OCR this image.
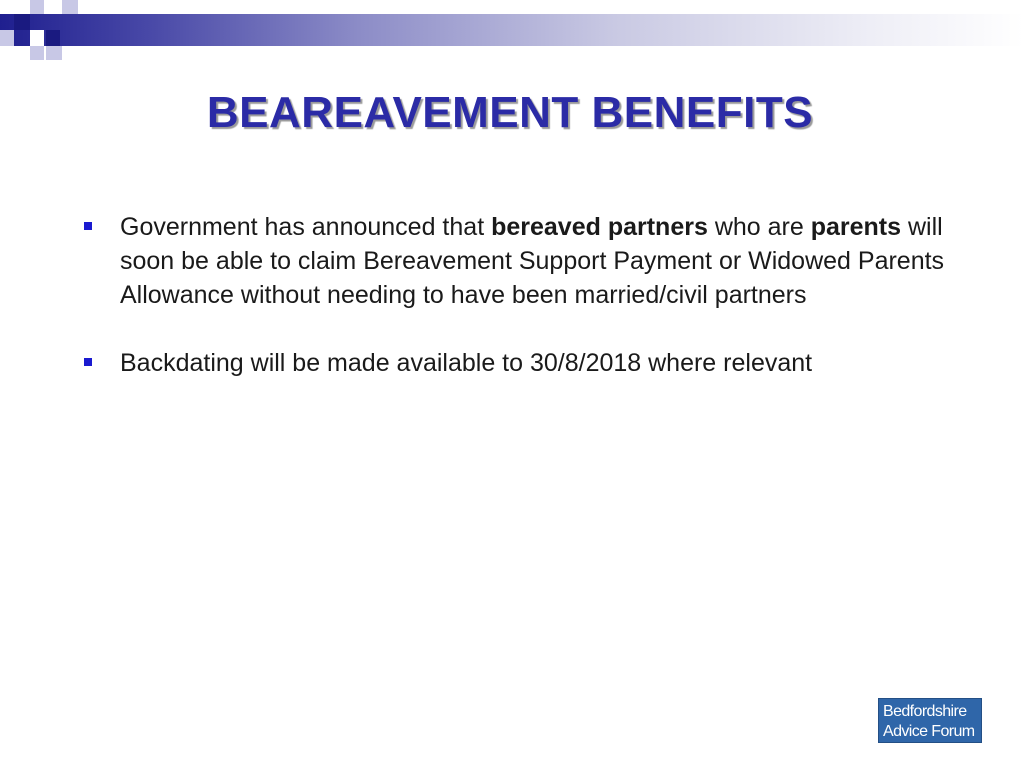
BEAREAVEMENT BENEFITS
Government has announced that bereaved partners who are parents will soon be able to claim Bereavement Support Payment or Widowed Parents Allowance without needing to have been married/civil partners
Backdating will be made available to 30/8/2018 where relevant
Bedfordshire
Advice Forum
